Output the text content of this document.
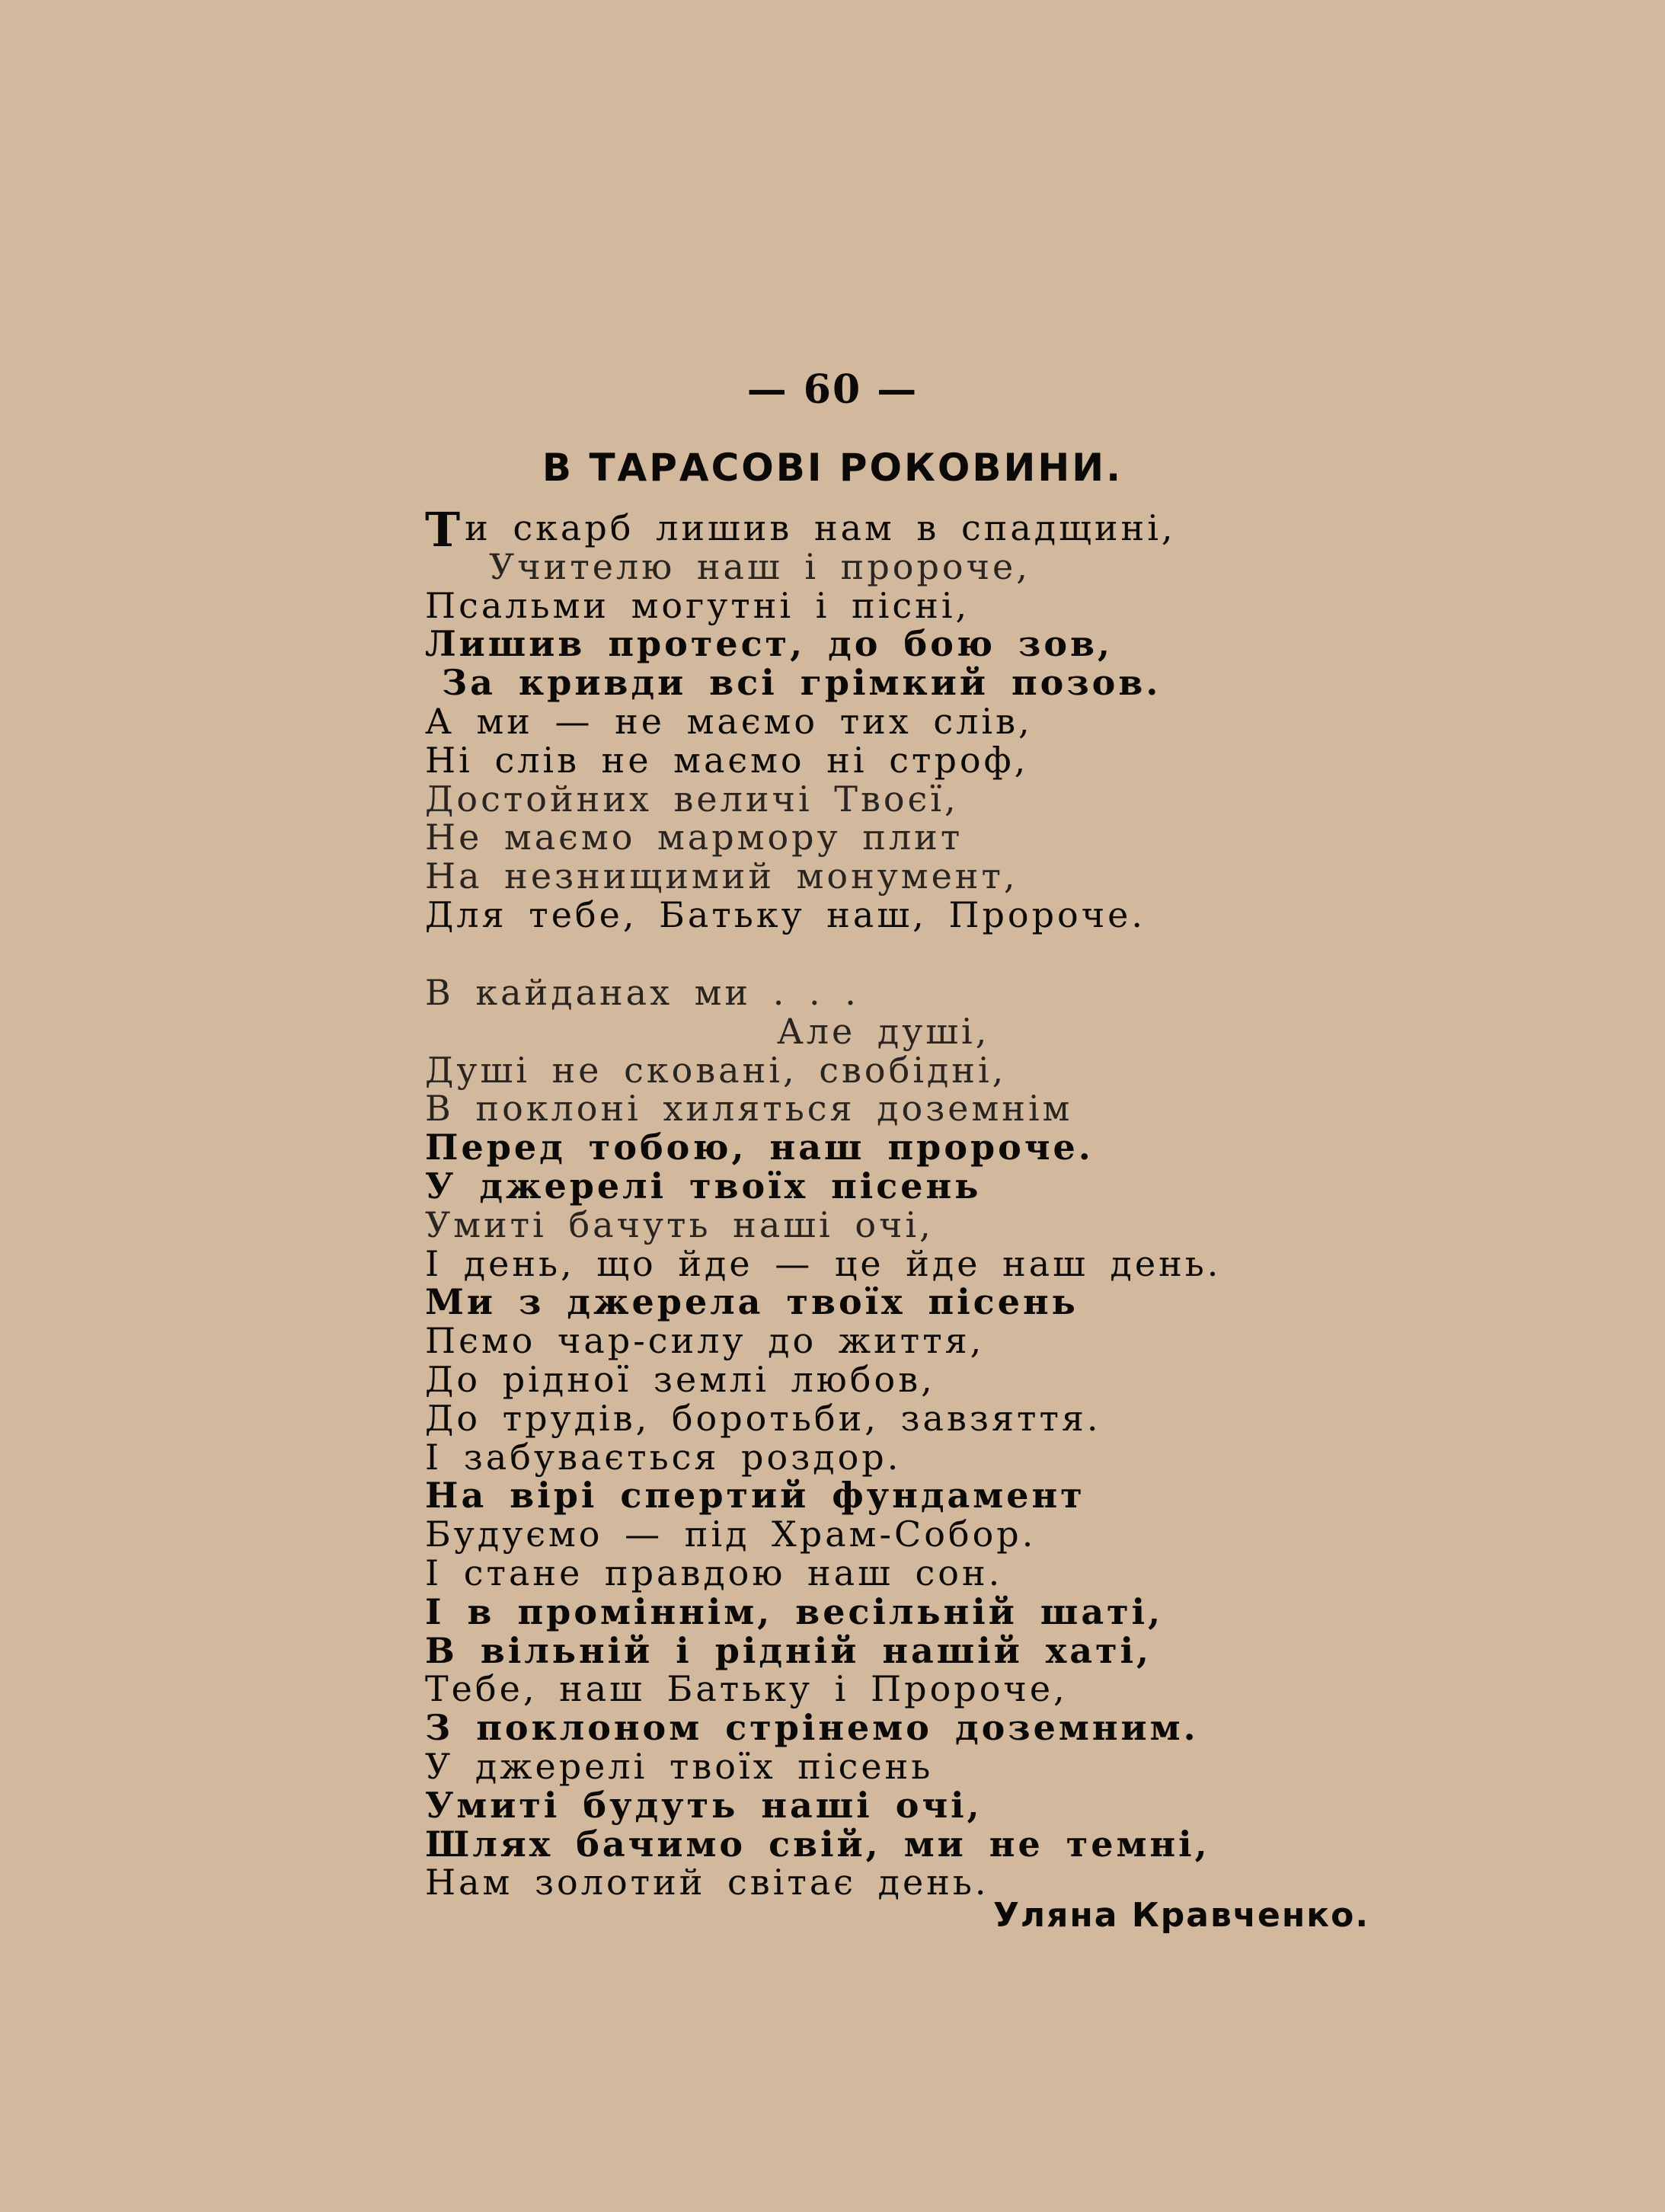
— 60 —
В ТАРАСОВІ РОКОВИНИ.
Ти скарб лишив нам в спадщині,
Учителю наш і пророче,
Псальми могутні і пісні,
Лишив протест, до бою зов,
За кривди всі грімкий позов.
А ми — не маємо тих слів,
Ні слів не маємо ні строф,
Достойних величі Твоєї,
Не маємо мармору плит
На незнищимий монумент,
Для тебе, Батьку наш, Пророче.
В кайданах ми . . .
Але душі,
Душі не сковані, свобідні,
В поклоні хиляться доземнім
Перед тобою, наш пророче.
У джерелі твоїх пісень
Умиті бачуть наші очі,
І день, що йде — це йде наш день.
Ми з джерела твоїх пісень
Пємо чар-силу до життя,
До рідної землі любов,
До трудів, боротьби, завзяття.
І забувається роздор.
На вірі спертий фундамент
Будуємо — під Храм-Собор.
І стане правдою наш сон.
І в проміннім, весільній шаті,
В вільній і рідній нашій хаті,
Тебе, наш Батьку і Пророче,
З поклоном стрінемо доземним.
У джерелі твоїх пісень
Умиті будуть наші очі,
Шлях бачимо свій, ми не темні,
Нам золотий світає день.
Уляна Кравченко.
